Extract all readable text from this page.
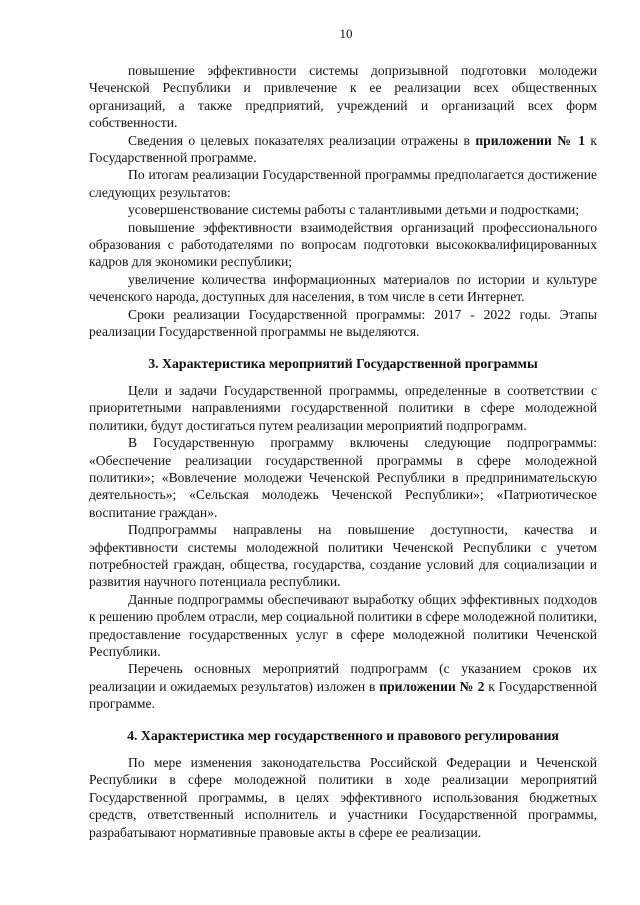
10

повышение эффективности системы допризывной подготовки молодежи Чеченской Республики и привлечение к ее реализации всех общественных организаций, а также предприятий, учреждений и организаций всех форм собственности.

Сведения о целевых показателях реализации отражены в приложении № 1 к Государственной программе.

По итогам реализации Государственной программы предполагается достижение следующих результатов:

усовершенствование системы работы с талантливыми детьми и подростками;

повышение эффективности взаимодействия организаций профессионального образования с работодателями по вопросам подготовки высококвалифицированных кадров для экономики республики;

увеличение количества информационных материалов по истории и культуре чеченского народа, доступных для населения, в том числе в сети Интернет.

Сроки реализации Государственной программы: 2017 - 2022 годы. Этапы реализации Государственной программы не выделяются.

3. Характеристика мероприятий Государственной программы

Цели и задачи Государственной программы, определенные в соответствии с приоритетными направлениями государственной политики в сфере молодежной политики, будут достигаться путем реализации мероприятий подпрограмм.

В Государственную программу включены следующие подпрограммы: «Обеспечение реализации государственной программы в сфере молодежной политики»; «Вовлечение молодежи Чеченской Республики в предпринимательскую деятельность»; «Сельская молодежь Чеченской Республики»; «Патриотическое воспитание граждан».

Подпрограммы направлены на повышение доступности, качества и эффективности системы молодежной политики Чеченской Республики с учетом потребностей граждан, общества, государства, создание условий для социализации и развития научного потенциала республики.

Данные подпрограммы обеспечивают выработку общих эффективных подходов к решению проблем отрасли, мер социальной политики в сфере молодежной политики, предоставление государственных услуг в сфере молодежной политики Чеченской Республики.

Перечень основных мероприятий подпрограмм (с указанием сроков их реализации и ожидаемых результатов) изложен в приложении № 2 к Государственной программе.

4. Характеристика мер государственного и правового регулирования

По мере изменения законодательства Российской Федерации и Чеченской Республики в сфере молодежной политики в ходе реализации мероприятий Государственной программы, в целях эффективного использования бюджетных средств, ответственный исполнитель и участники Государственной программы, разрабатывают нормативные правовые акты в сфере ее реализации.
